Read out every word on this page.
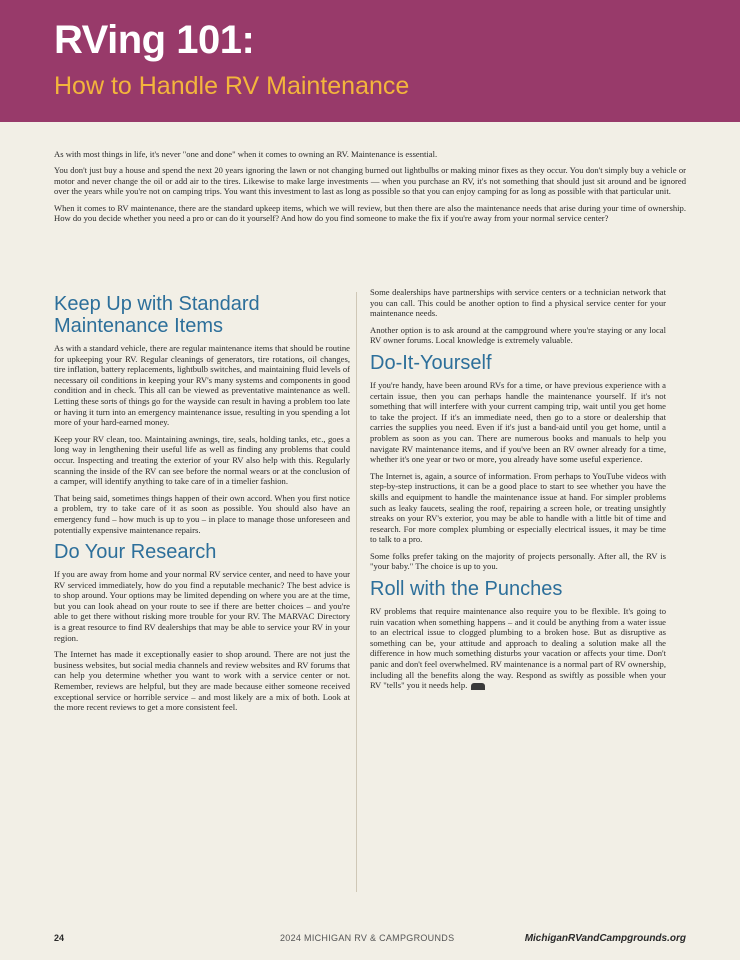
RVing 101:
How to Handle RV Maintenance

As with most things in life, it's never "one and done" when it comes to owning an RV. Maintenance is essential.

You don't just buy a house and spend the next 20 years ignoring the lawn or not changing burned out lightbulbs or making minor fixes as they occur. You don't simply buy a vehicle or motor and never change the oil or add air to the tires. Likewise to make large investments — when you purchase an RV, it's not something that should just sit around and be ignored over the years while you're not on camping trips. You want this investment to last as long as possible so that you can enjoy camping for as long as possible with that particular unit.

When it comes to RV maintenance, there are the standard upkeep items, which we will review, but then there are also the maintenance needs that arise during your time of ownership. How do you decide whether you need a pro or can do it yourself? And how do you find someone to make the fix if you're away from your normal service center?

Keep Up with Standard Maintenance Items

As with a standard vehicle, there are regular maintenance items that should be routine for upkeeping your RV. Regular cleanings of generators, tire rotations, oil changes, tire inflation, battery replacements, lightbulb switches, and maintaining fluid levels of necessary oil conditions in keeping your RV's many systems and components in good condition and in check. This all can be viewed as preventative maintenance as well. Letting these sorts of things go for the wayside can result in having a problem too late or having it turn into an emergency maintenance issue, resulting in you spending a lot more of your hard-earned money.

Keep your RV clean, too. Maintaining awnings, tire, seals, holding tanks, etc., goes a long way in lengthening their useful life as well as finding any problems that could occur. Inspecting and treating the exterior of your RV also help with this. Regularly scanning the inside of the RV can see before the normal wears or at the conclusion of a camper, will identify anything to take care of in a timelier fashion.

That being said, sometimes things happen of their own accord. When you first notice a problem, try to take care of it as soon as possible. You should also have an emergency fund – how much is up to you – in place to manage those unforeseen and potentially expensive maintenance repairs.

Do Your Research

If you are away from home and your normal RV service center, and need to have your RV serviced immediately, how do you find a reputable mechanic? The best advice is to shop around. Your options may be limited depending on where you are at the time, but you can look ahead on your route to see if there are better choices – and you're able to get there without risking more trouble for your RV. The MARVAC Directory is a great resource to find RV dealerships that may be able to service your RV in your region.

The Internet has made it exceptionally easier to shop around. There are not just the business websites, but social media channels and review websites and RV forums that can help you determine whether you want to work with a service center or not. Remember, reviews are helpful, but they are made because either someone received exceptional service or horrible service – and most likely are a mix of both. Look at the more recent reviews to get a more consistent feel.

Some dealerships have partnerships with service centers or a technician network that you can call. This could be another option to find a physical service center for your maintenance needs.

Another option is to ask around at the campground where you're staying or any local RV owner forums. Local knowledge is extremely valuable.

Do-It-Yourself

If you're handy, have been around RVs for a time, or have previous experience with a certain issue, then you can perhaps handle the maintenance yourself. If it's not something that will interfere with your current camping trip, wait until you get home to take the project. If it's an immediate need, then go to a store or dealership that carries the supplies you need. Even if it's just a band-aid until you get home, until a problem as soon as you can. There are numerous books and manuals to help you navigate RV maintenance items, and if you've been an RV owner already for a time, whether it's one year or two or more, you already have some useful experience.

The Internet is, again, a source of information. From perhaps to YouTube videos with step-by-step instructions, it can be a good place to start to see whether you have the skills and equipment to handle the maintenance issue at hand. For simpler problems such as leaky faucets, sealing the roof, repairing a screen hole, or treating unsightly streaks on your RV's exterior, you may be able to handle with a little bit of time and research. For more complex plumbing or especially electrical issues, it may be time to talk to a pro.

Some folks prefer taking on the majority of projects personally. After all, the RV is "your baby." The choice is up to you.

Roll with the Punches

RV problems that require maintenance also require you to be flexible. It's going to ruin vacation when something happens – and it could be anything from a water issue to an electrical issue to clogged plumbing to a broken hose. But as disruptive as something can be, your attitude and approach to dealing a solution make all the difference in how much something disturbs your vacation or affects your time. Don't panic and don't feel overwhelmed. RV maintenance is a normal part of RV ownership, including all the benefits along the way. Respond as swiftly as possible when your RV "tells" you it needs help.

24	2024 MICHIGAN RV & CAMPGROUNDS	MichiganRVandCampgrounds.org
